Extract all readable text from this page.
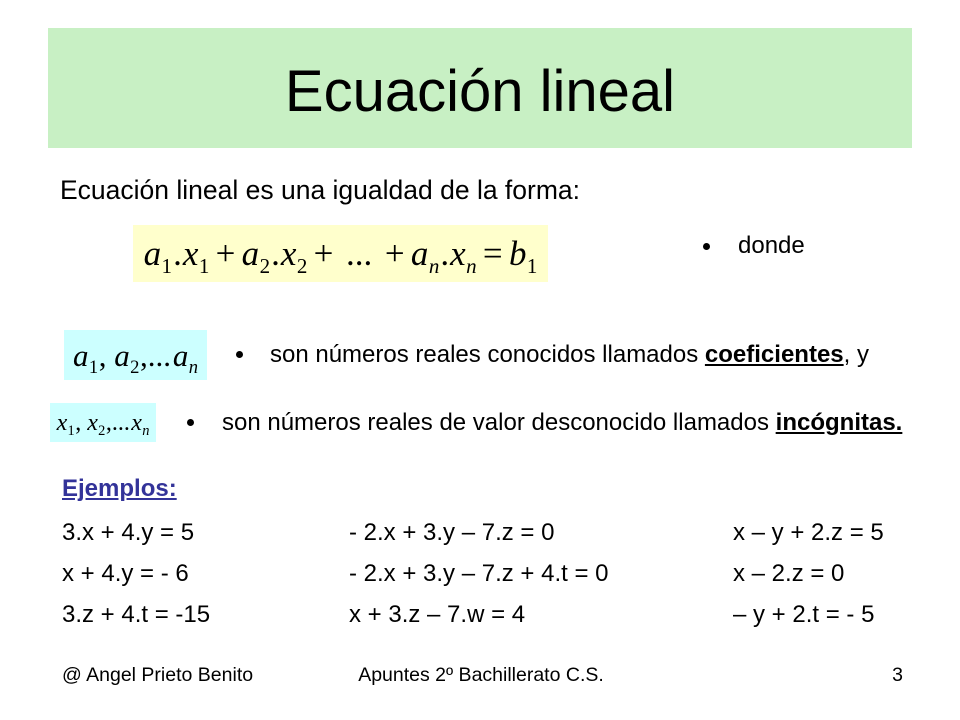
Ecuación lineal
Ecuación lineal es una igualdad de la forma:
$a_1$ . $x_1 + a_2$ . $x_2$ + ... + $a_n$ . $x_n = b_1$
donde
$a_1$ , $a_2$ ,... $a_n$	son números reales conocidos llamados coeficientes, y
$x_1$ , $x_2$ ,... $x_n$	son números reales de valor desconocido llamados incógnitas.
Ejemplos:
3.x + 4.y = 5	- 2.x + 3.y – 7.z = 0	x – y + 2.z = 5
x + 4.y = - 6	- 2.x + 3.y – 7.z + 4.t = 0	x – 2.z = 0
3.z + 4.t = -15	x + 3.z – 7.w = 4	– y + 2.t = - 5
@ Angel Prieto Benito	Apuntes 2º Bachillerato C.S.	3
